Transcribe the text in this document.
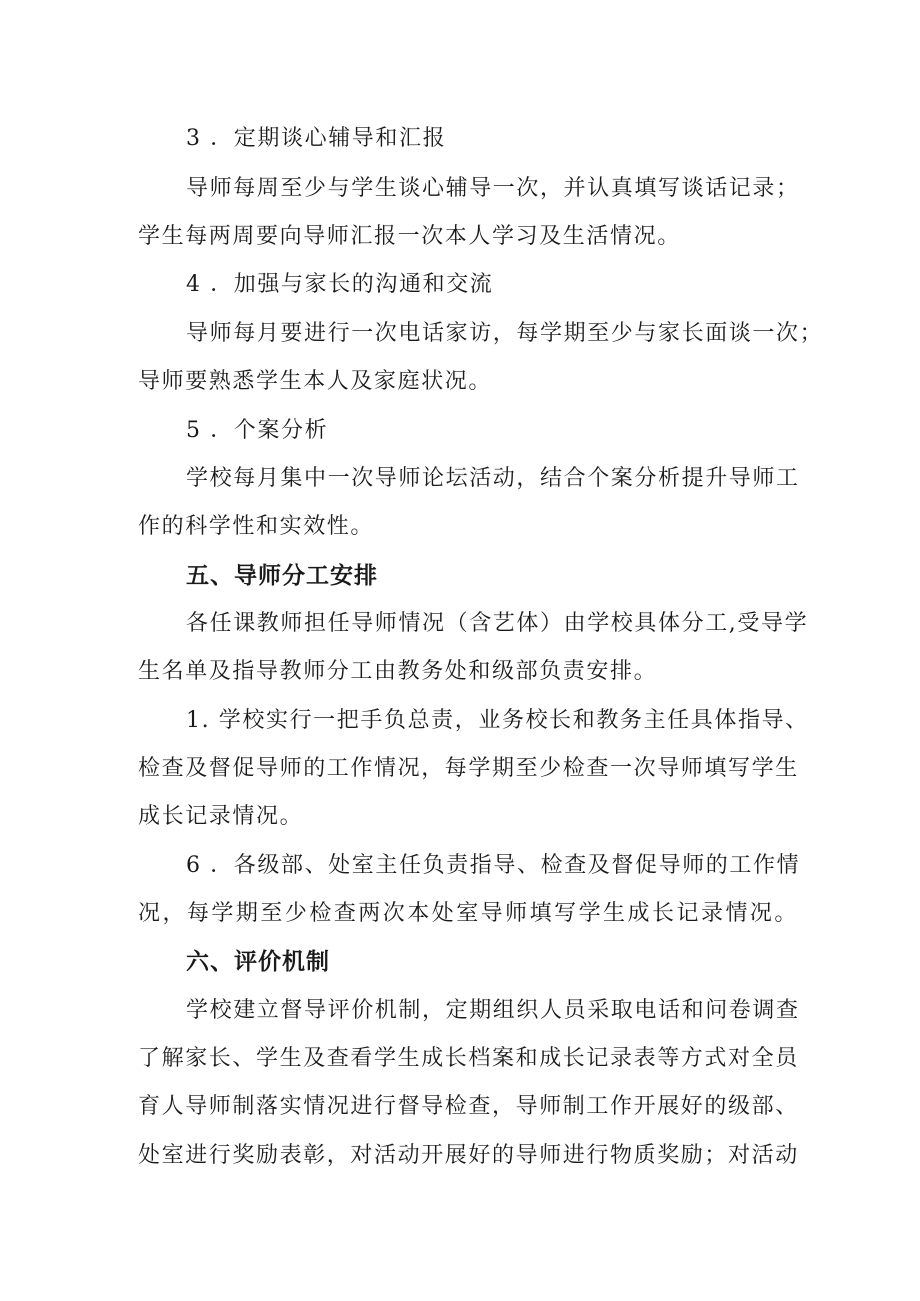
3 ．定期谈心辅导和汇报
导师每周至少与学生谈心辅导一次，并认真填写谈话记录；
学生每两周要向导师汇报一次本人学习及生活情况。
4 ．加强与家长的沟通和交流
导师每月要进行一次电话家访，每学期至少与家长面谈一次；
导师要熟悉学生本人及家庭状况。
5 ．个案分析
学校每月集中一次导师论坛活动，结合个案分析提升导师工
作的科学性和实效性。
五、导师分工安排
各任课教师担任导师情况（含艺体）由学校具体分工,受导学
生名单及指导教师分工由教务处和级部负责安排。
1. 学校实行一把手负总责，业务校长和教务主任具体指导、
检查及督促导师的工作情况，每学期至少检查一次导师填写学生
成长记录情况。
6 ．各级部、处室主任负责指导、检查及督促导师的工作情
况，每学期至少检查两次本处室导师填写学生成长记录情况。
六、评价机制
学校建立督导评价机制，定期组织人员采取电话和问卷调查
了解家长、学生及查看学生成长档案和成长记录表等方式对全员
育人导师制落实情况进行督导检查，导师制工作开展好的级部、
处室进行奖励表彰，对活动开展好的导师进行物质奖励；对活动
